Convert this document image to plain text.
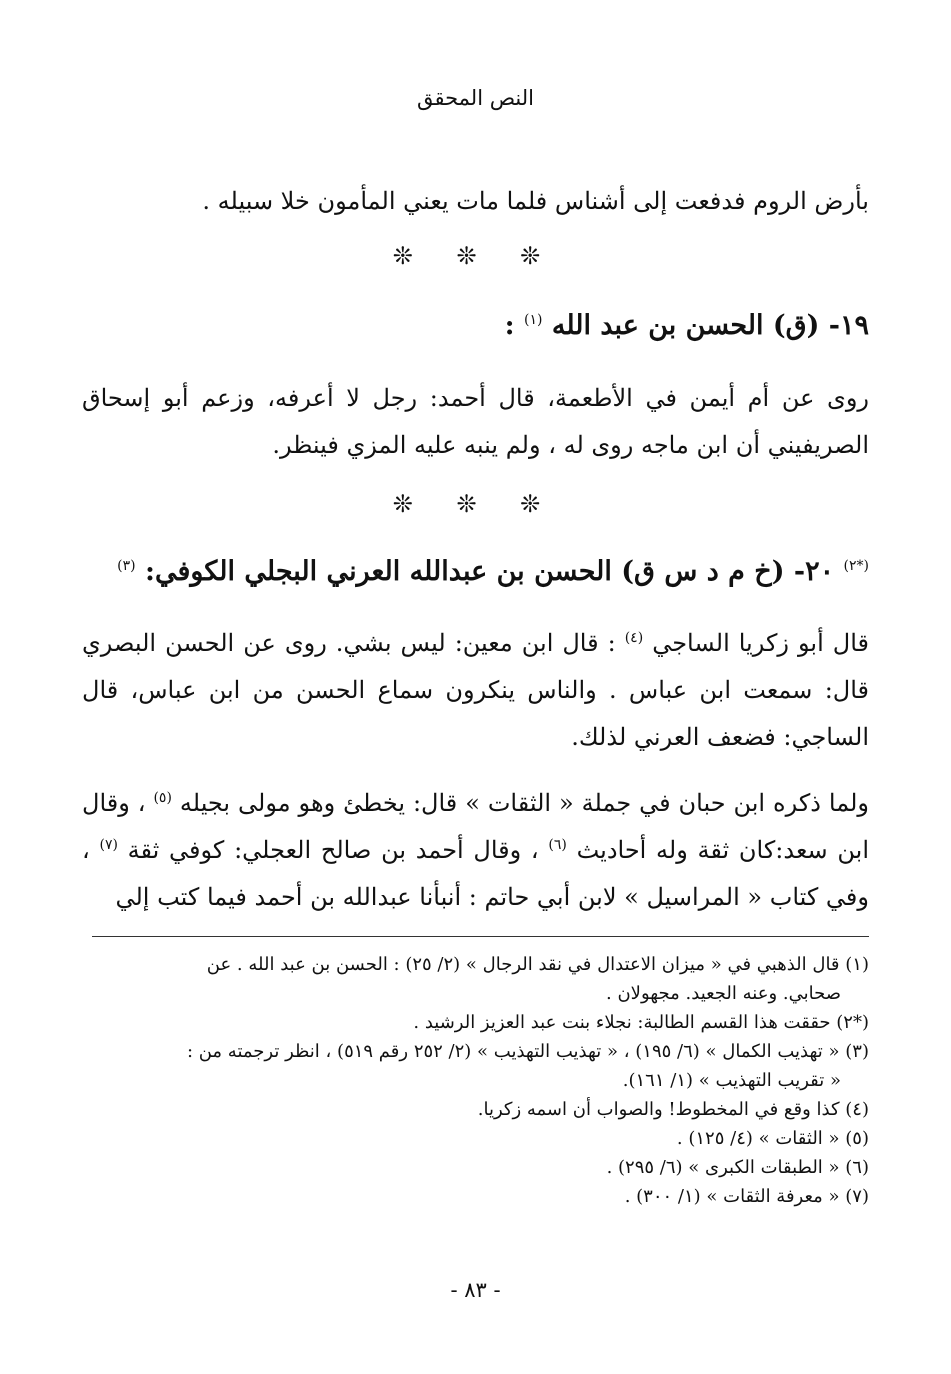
النص المحقق

بأرض الروم فدفعت إلى أشناس فلما مات يعني المأمون خلا سبيله .

❊ ❊ ❊

١٩- (ق) الحسن بن عبد الله $^{(١)}$ :

روى عن أم أيمن في الأطعمة، قال أحمد: رجل لا أعرفه، وزعم أبو إسحاق الصريفيني أن ابن ماجه روى له ، ولم ينبه عليه المزي فينظر.

❊ ❊ ❊

$^{(*٢)}$ ٢٠- (خ م د س ق) الحسن بن عبدالله العرني البجلي الكوفي: $^{(٣)}$

قال أبو زكريا الساجي $^{(٤)}$ : قال ابن معين: ليس بشي. روى عن الحسن البصري قال: سمعت ابن عباس . والناس ينكرون سماع الحسن من ابن عباس، قال الساجي: فضعف العرني لذلك.

ولما ذكره ابن حبان في جملة « الثقات » قال: يخطئ وهو مولى بجيله $^{(٥)}$ ، وقال ابن سعد:كان ثقة وله أحاديث $^{(٦)}$ ، وقال أحمد بن صالح العجلي: كوفي ثقة $^{(٧)}$ ، وفي كتاب « المراسيل » لابن أبي حاتم : أنبأنا عبدالله بن أحمد فيما كتب إلي

(١) قال الذهبي في « ميزان الاعتدال في نقد الرجال » (٢/ ٢٥) : الحسن بن عبد الله . عن

صحابي. وعنه الجعيد. مجهولان .

(*٢) حققت هذا القسم الطالبة: نجلاء بنت عبد العزيز الرشيد .

(٣) « تهذيب الكمال » (٦/ ١٩٥) ، « تهذيب التهذيب » (٢/ ٢٥٢ رقم ٥١٩) ، انظر ترجمته من :

« تقريب التهذيب » (١/ ١٦١).

(٤) كذا وقع في المخطوط! والصواب أن اسمه زكريا.

(٥) « الثقات » (٤/ ١٢٥) .

(٦) « الطبقات الكبرى » (٦/ ٢٩٥) .

(٧) « معرفة الثقات » (١/ ٣٠٠) .

- ٨٣ -
